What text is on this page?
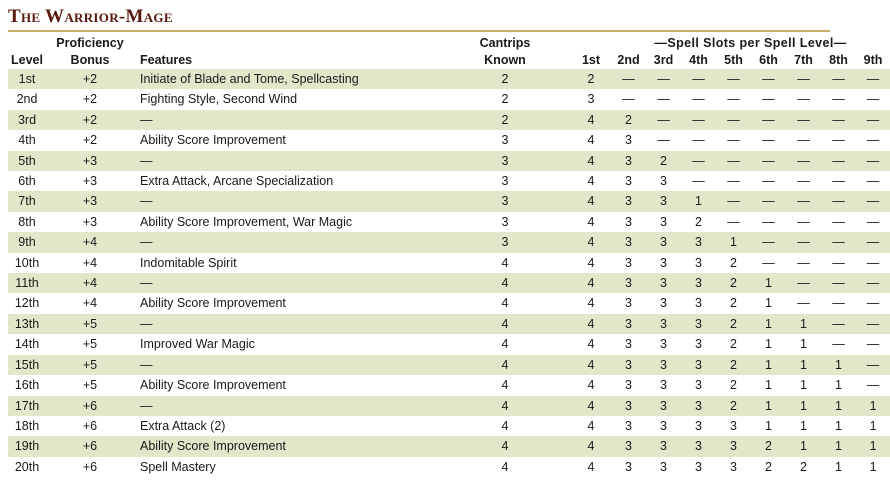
The Warrior-Mage
	Proficiency		Cantrips		—Spell Slots per Spell Level—							
Level	Bonus	Features	Known	1st	2nd	3rd	4th	5th	6th	7th	8th	9th
1st	+2	Initiate of Blade and Tome, Spellcasting	2	2	—	—	—	—	—	—	—	—
2nd	+2	Fighting Style, Second Wind	2	3	—	—	—	—	—	—	—	—
3rd	+2	—	2	4	2	—	—	—	—	—	—	—
4th	+2	Ability Score Improvement	3	4	3	—	—	—	—	—	—	—
5th	+3	—	3	4	3	2	—	—	—	—	—	—
6th	+3	Extra Attack, Arcane Specialization	3	4	3	3	—	—	—	—	—	—
7th	+3	—	3	4	3	3	1	—	—	—	—	—
8th	+3	Ability Score Improvement, War Magic	3	4	3	3	2	—	—	—	—	—
9th	+4	—	3	4	3	3	3	1	—	—	—	—
10th	+4	Indomitable Spirit	4	4	3	3	3	2	—	—	—	—
11th	+4	—	4	4	3	3	3	2	1	—	—	—
12th	+4	Ability Score Improvement	4	4	3	3	3	2	1	—	—	—
13th	+5	—	4	4	3	3	3	2	1	1	—	—
14th	+5	Improved War Magic	4	4	3	3	3	2	1	1	—	—
15th	+5	—	4	4	3	3	3	2	1	1	1	—
16th	+5	Ability Score Improvement	4	4	3	3	3	2	1	1	1	—
17th	+6	—	4	4	3	3	3	2	1	1	1	1
18th	+6	Extra Attack (2)	4	4	3	3	3	3	1	1	1	1
19th	+6	Ability Score Improvement	4	4	3	3	3	3	2	1	1	1
20th	+6	Spell Mastery	4	4	3	3	3	3	2	2	1	1
